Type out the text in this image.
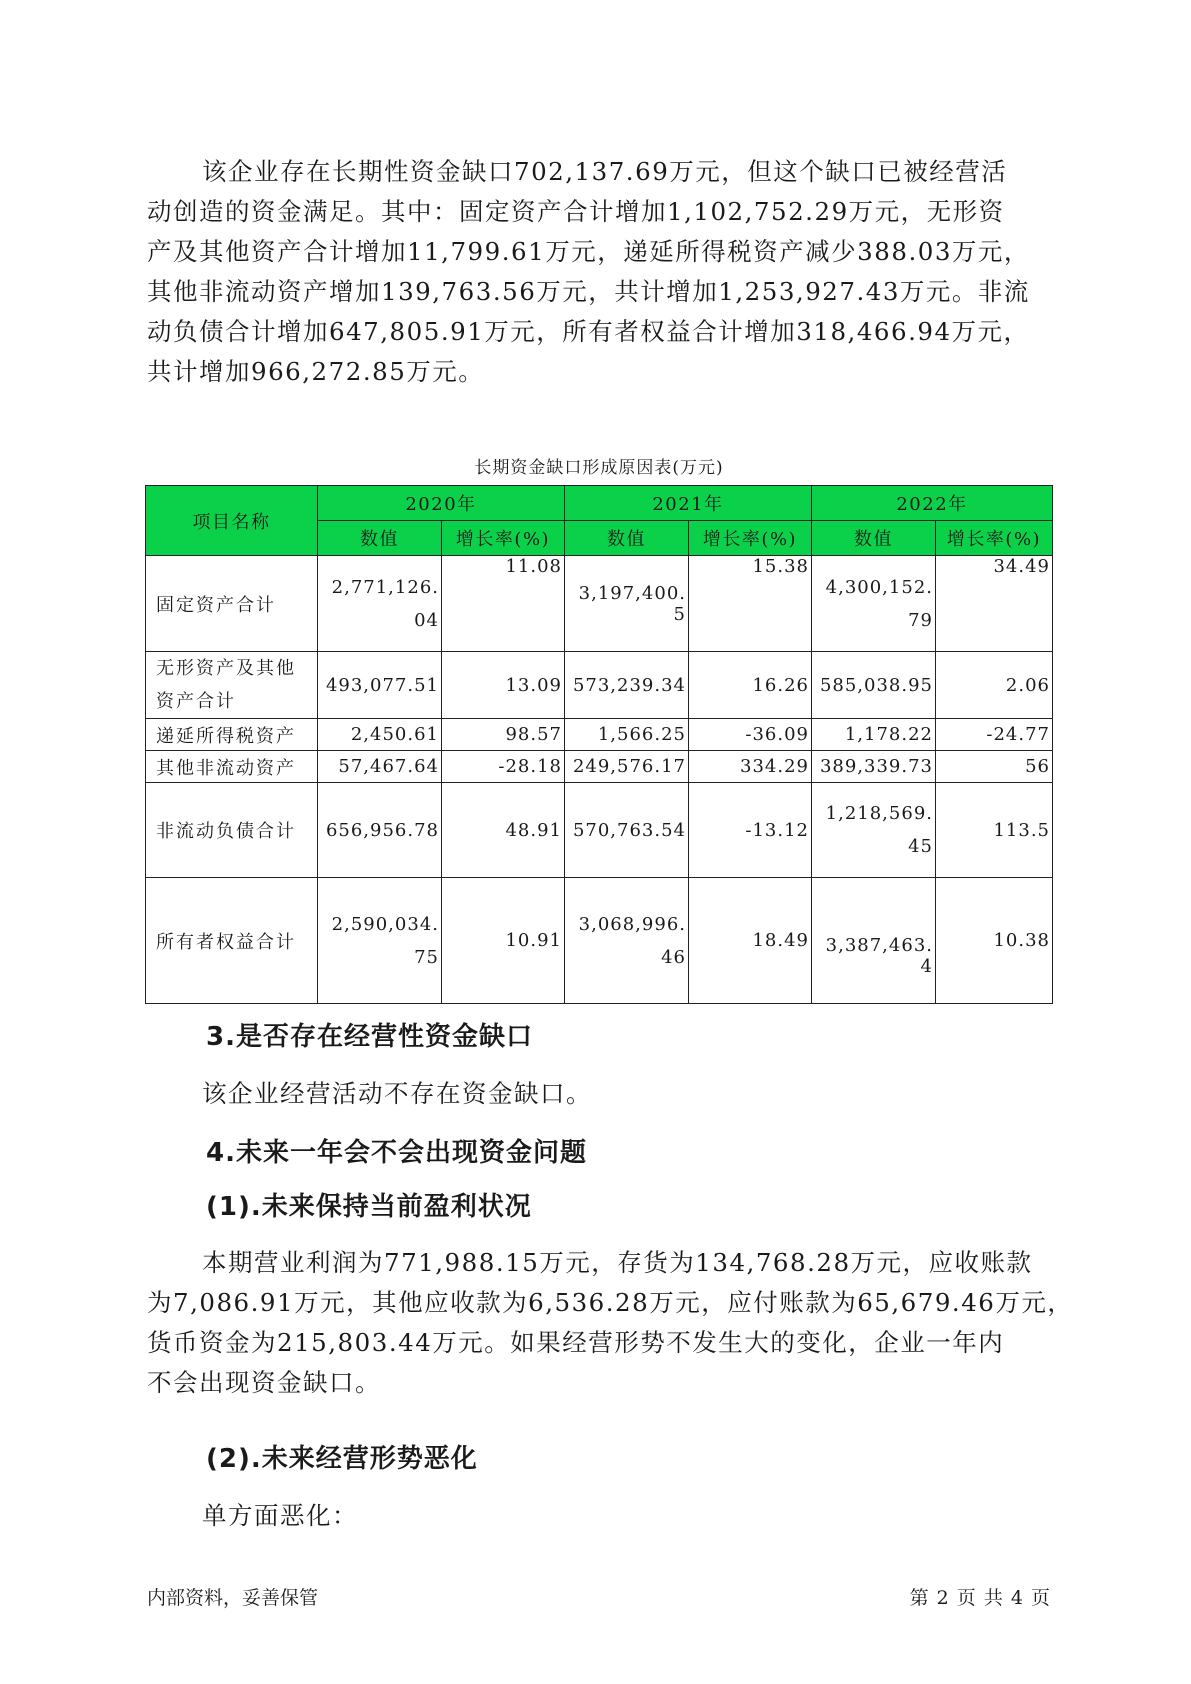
该企业存在长期性资金缺口702,137.69万元，但这个缺口已被经营活
动创造的资金满足。其中：固定资产合计增加1,102,752.29万元，无形资
产及其他资产合计增加11,799.61万元，递延所得税资产减少388.03万元，
其他非流动资产增加139,763.56万元，共计增加1,253,927.43万元。非流
动负债合计增加647,805.91万元，所有者权益合计增加318,466.94万元，
共计增加966,272.85万元。
长期资金缺口形成原因表(万元)
项目名称	2020年		2021年		2022年	
	数值	增长率(%)	数值	增长率(%)	数值	增长率(%)
固定资产合计	2,771,126.04	11.08	3,197,400.5	15.38	4,300,152.79	34.49

无形资产及其他资产合计	493,077.51	13.09	573,239.34	16.26	585,038.95	2.06
递延所得税资产	2,450.61	98.57	1,566.25	-36.09	1,178.22	-24.77
其他非流动资产	57,467.64	-28.18	249,576.17	334.29	389,339.73	56
非流动负债合计	656,956.78	48.91	570,763.54	-13.12	1,218,569.45	113.5
所有者权益合计	2,590,034.75	10.91	3,068,996.46	18.49	3,387,463.4	10.38
3.是否存在经营性资金缺口
该企业经营活动不存在资金缺口。
4.未来一年会不会出现资金问题
(1).未来保持当前盈利状况
本期营业利润为771,988.15万元，存货为134,768.28万元，应收账款
为7,086.91万元，其他应收款为6,536.28万元，应付账款为65,679.46万元，
货币资金为215,803.44万元。如果经营形势不发生大的变化，企业一年内
不会出现资金缺口。
(2).未来经营形势恶化
单方面恶化：
内部资料，妥善保管	第 2 页 共 4 页
